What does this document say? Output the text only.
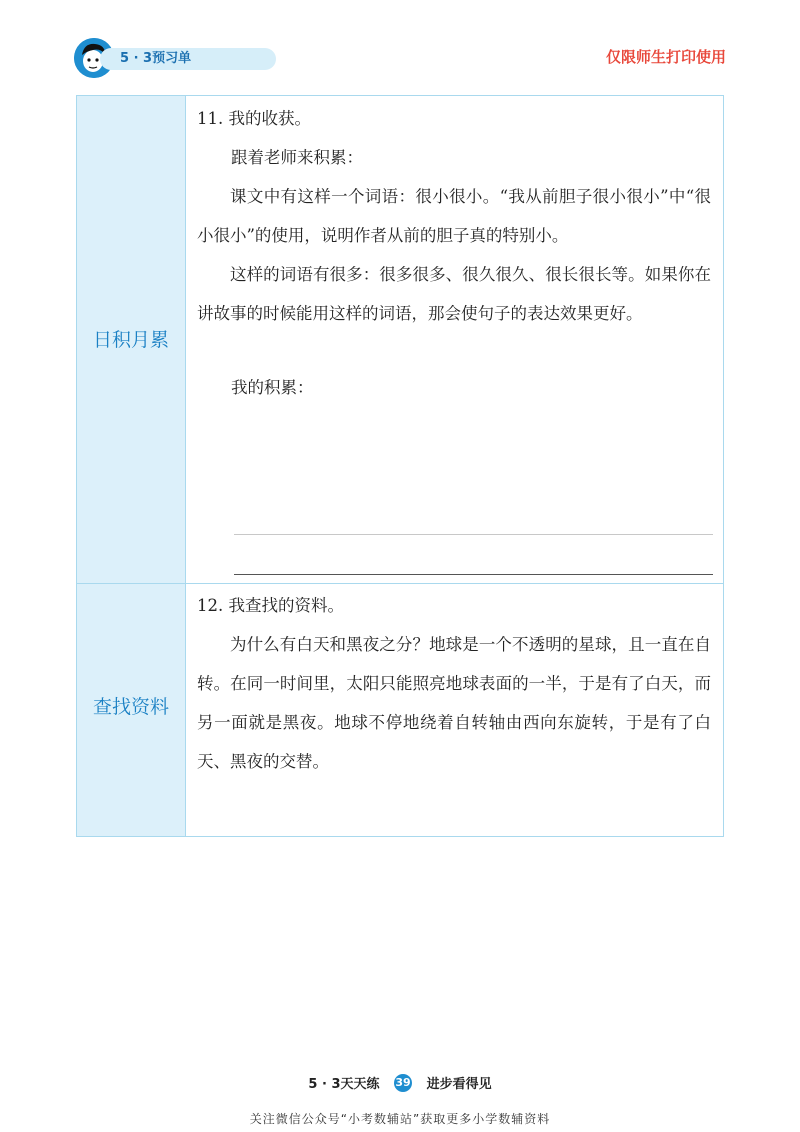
5 · 3预习单	仅限师生打印使用
日积月累
查找资料

11. 我的收获。

跟着老师来积累：

课文中有这样一个词语：很小很小。“我从前胆子很小很小”中“很小很小”的使用，说明作者从前的胆子真的特别小。

这样的词语有很多：很多很多、很久很久、很长很长等。如果你在讲故事的时候能用这样的词语，那会使句子的表达效果更好。

我的积累：

12. 我查找的资料。

为什么有白天和黑夜之分？地球是一个不透明的星球，且一直在自转。在同一时间里，太阳只能照亮地球表面的一半，于是有了白天，而另一面就是黑夜。地球不停地绕着自转轴由西向东旋转，于是有了白天、黑夜的交替。

5 · 3天天练 39 进步看得见
关注微信公众号“小考数辅站”获取更多小学数辅资料
